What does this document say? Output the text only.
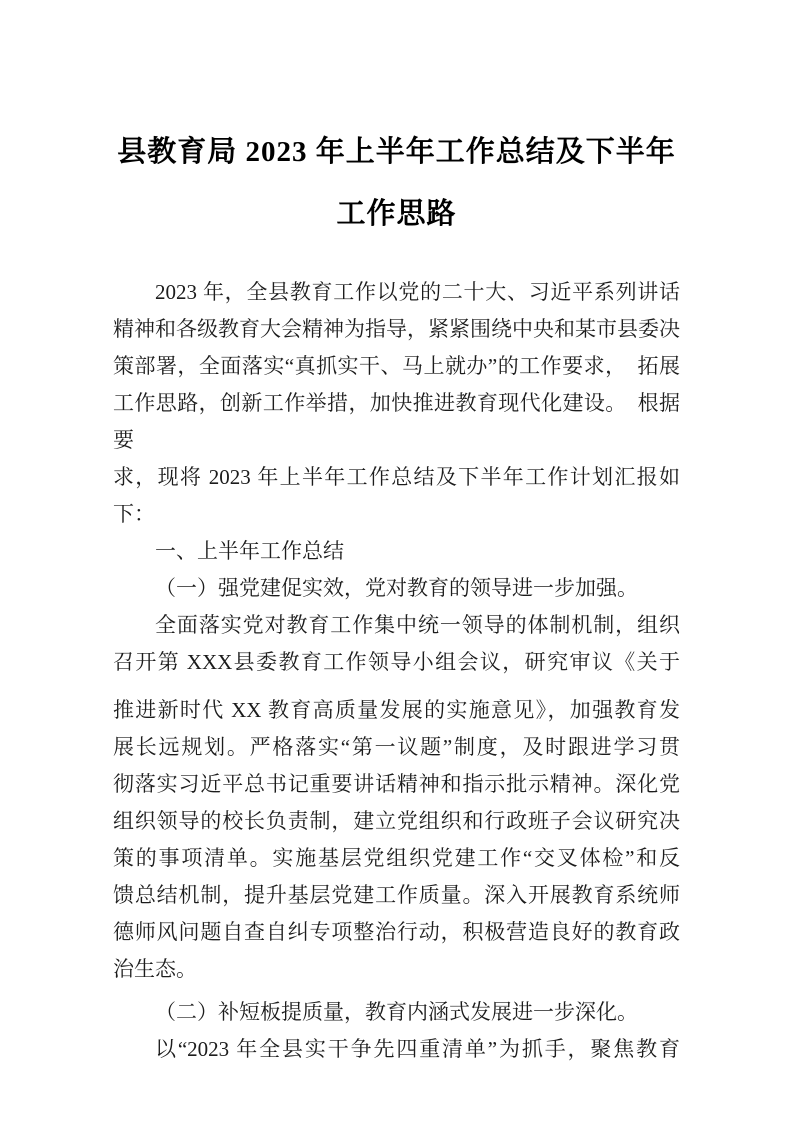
县教育局 2023 年上半年工作总结及下半年
工作思路
2023 年，全县教育工作以党的二十大、习近平系列讲话
精神和各级教育大会精神为指导，紧紧围绕中央和某市县委决
策部署，全面落实“真抓实干、马上就办”的工作要求，　拓展
工作思路，创新工作举措，加快推进教育现代化建设。　根据要
求，现将 2023 年上半年工作总结及下半年工作计划汇报如
下：
一、上半年工作总结
（一）强党建促实效，党对教育的领导进一步加强。
全面落实党对教育工作集中统一领导的体制机制，组织
召开第 XXX县委教育工作领导小组会议，研究审议《关于
推进新时代 XX 教育高质量发展的实施意见》，加强教育发
展长远规划。严格落实“第一议题”制度，及时跟进学习贯
彻落实习近平总书记重要讲话精神和指示批示精神。深化党
组织领导的校长负责制，建立党组织和行政班子会议研究决
策的事项清单。实施基层党组织党建工作“交叉体检”和反
馈总结机制，提升基层党建工作质量。深入开展教育系统师
德师风问题自查自纠专项整治行动，积极营造良好的教育政
治生态。
（二）补短板提质量，教育内涵式发展进一步深化。
以“2023 年全县实干争先四重清单”为抓手，聚焦教育
